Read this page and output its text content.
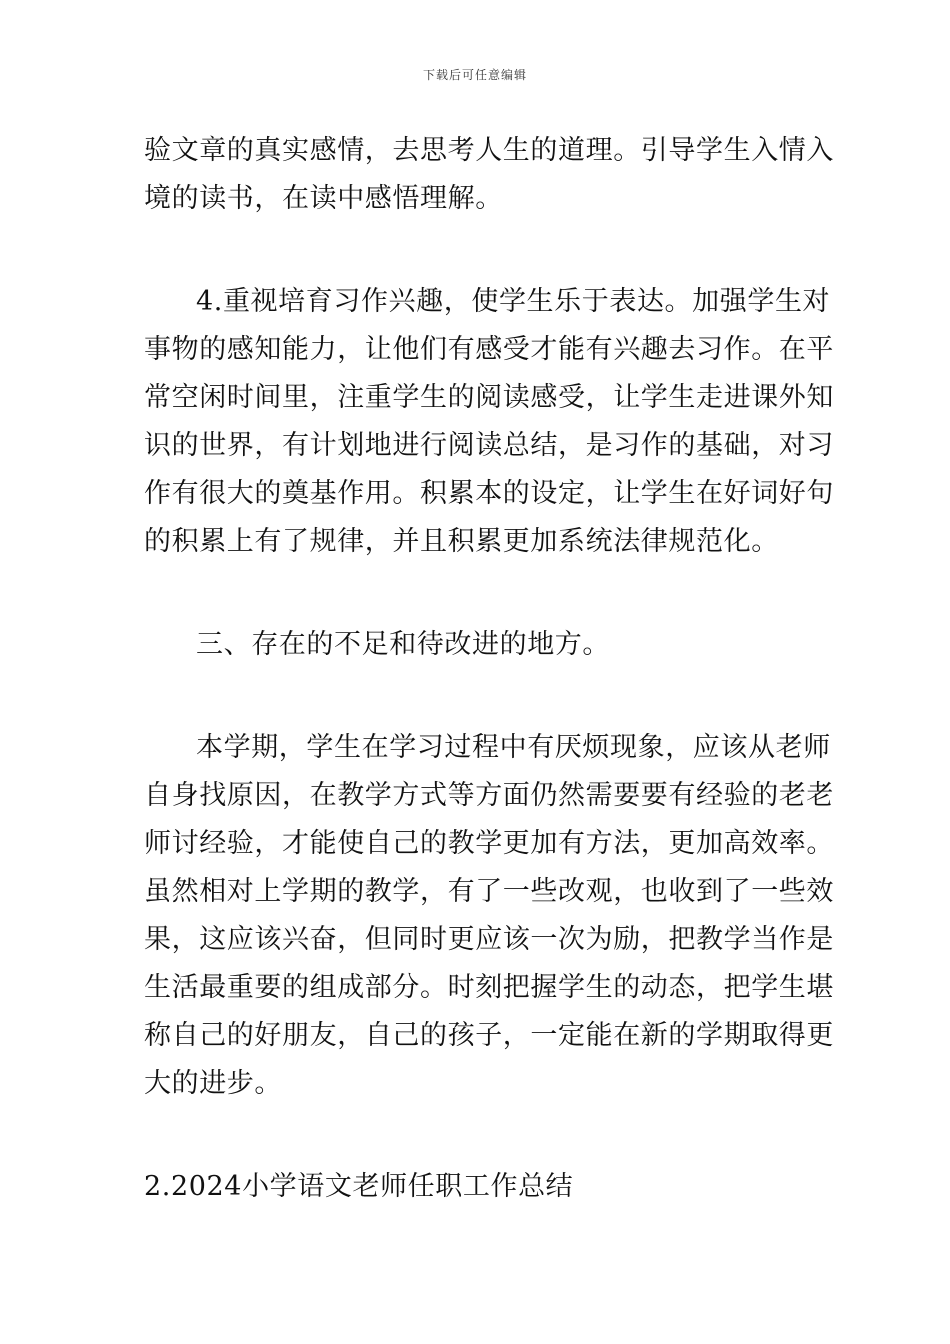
下载后可任意编辑
验文章的真实感情，去思考人生的道理。引导学生入情入
境的读书，在读中感悟理解。
4.重视培育习作兴趣，使学生乐于表达。加强学生对
事物的感知能力，让他们有感受才能有兴趣去习作。在平
常空闲时间里，注重学生的阅读感受，让学生走进课外知
识的世界，有计划地进行阅读总结，是习作的基础，对习
作有很大的奠基作用。积累本的设定，让学生在好词好句
的积累上有了规律，并且积累更加系统法律规范化。
三、存在的不足和待改进的地方。
本学期，学生在学习过程中有厌烦现象，应该从老师
自身找原因，在教学方式等方面仍然需要要有经验的老老
师讨经验，才能使自己的教学更加有方法，更加高效率。
虽然相对上学期的教学，有了一些改观，也收到了一些效
果，这应该兴奋，但同时更应该一次为励，把教学当作是
生活最重要的组成部分。时刻把握学生的动态，把学生堪
称自己的好朋友，自己的孩子，一定能在新的学期取得更
大的进步。
2.2024小学语文老师任职工作总结
